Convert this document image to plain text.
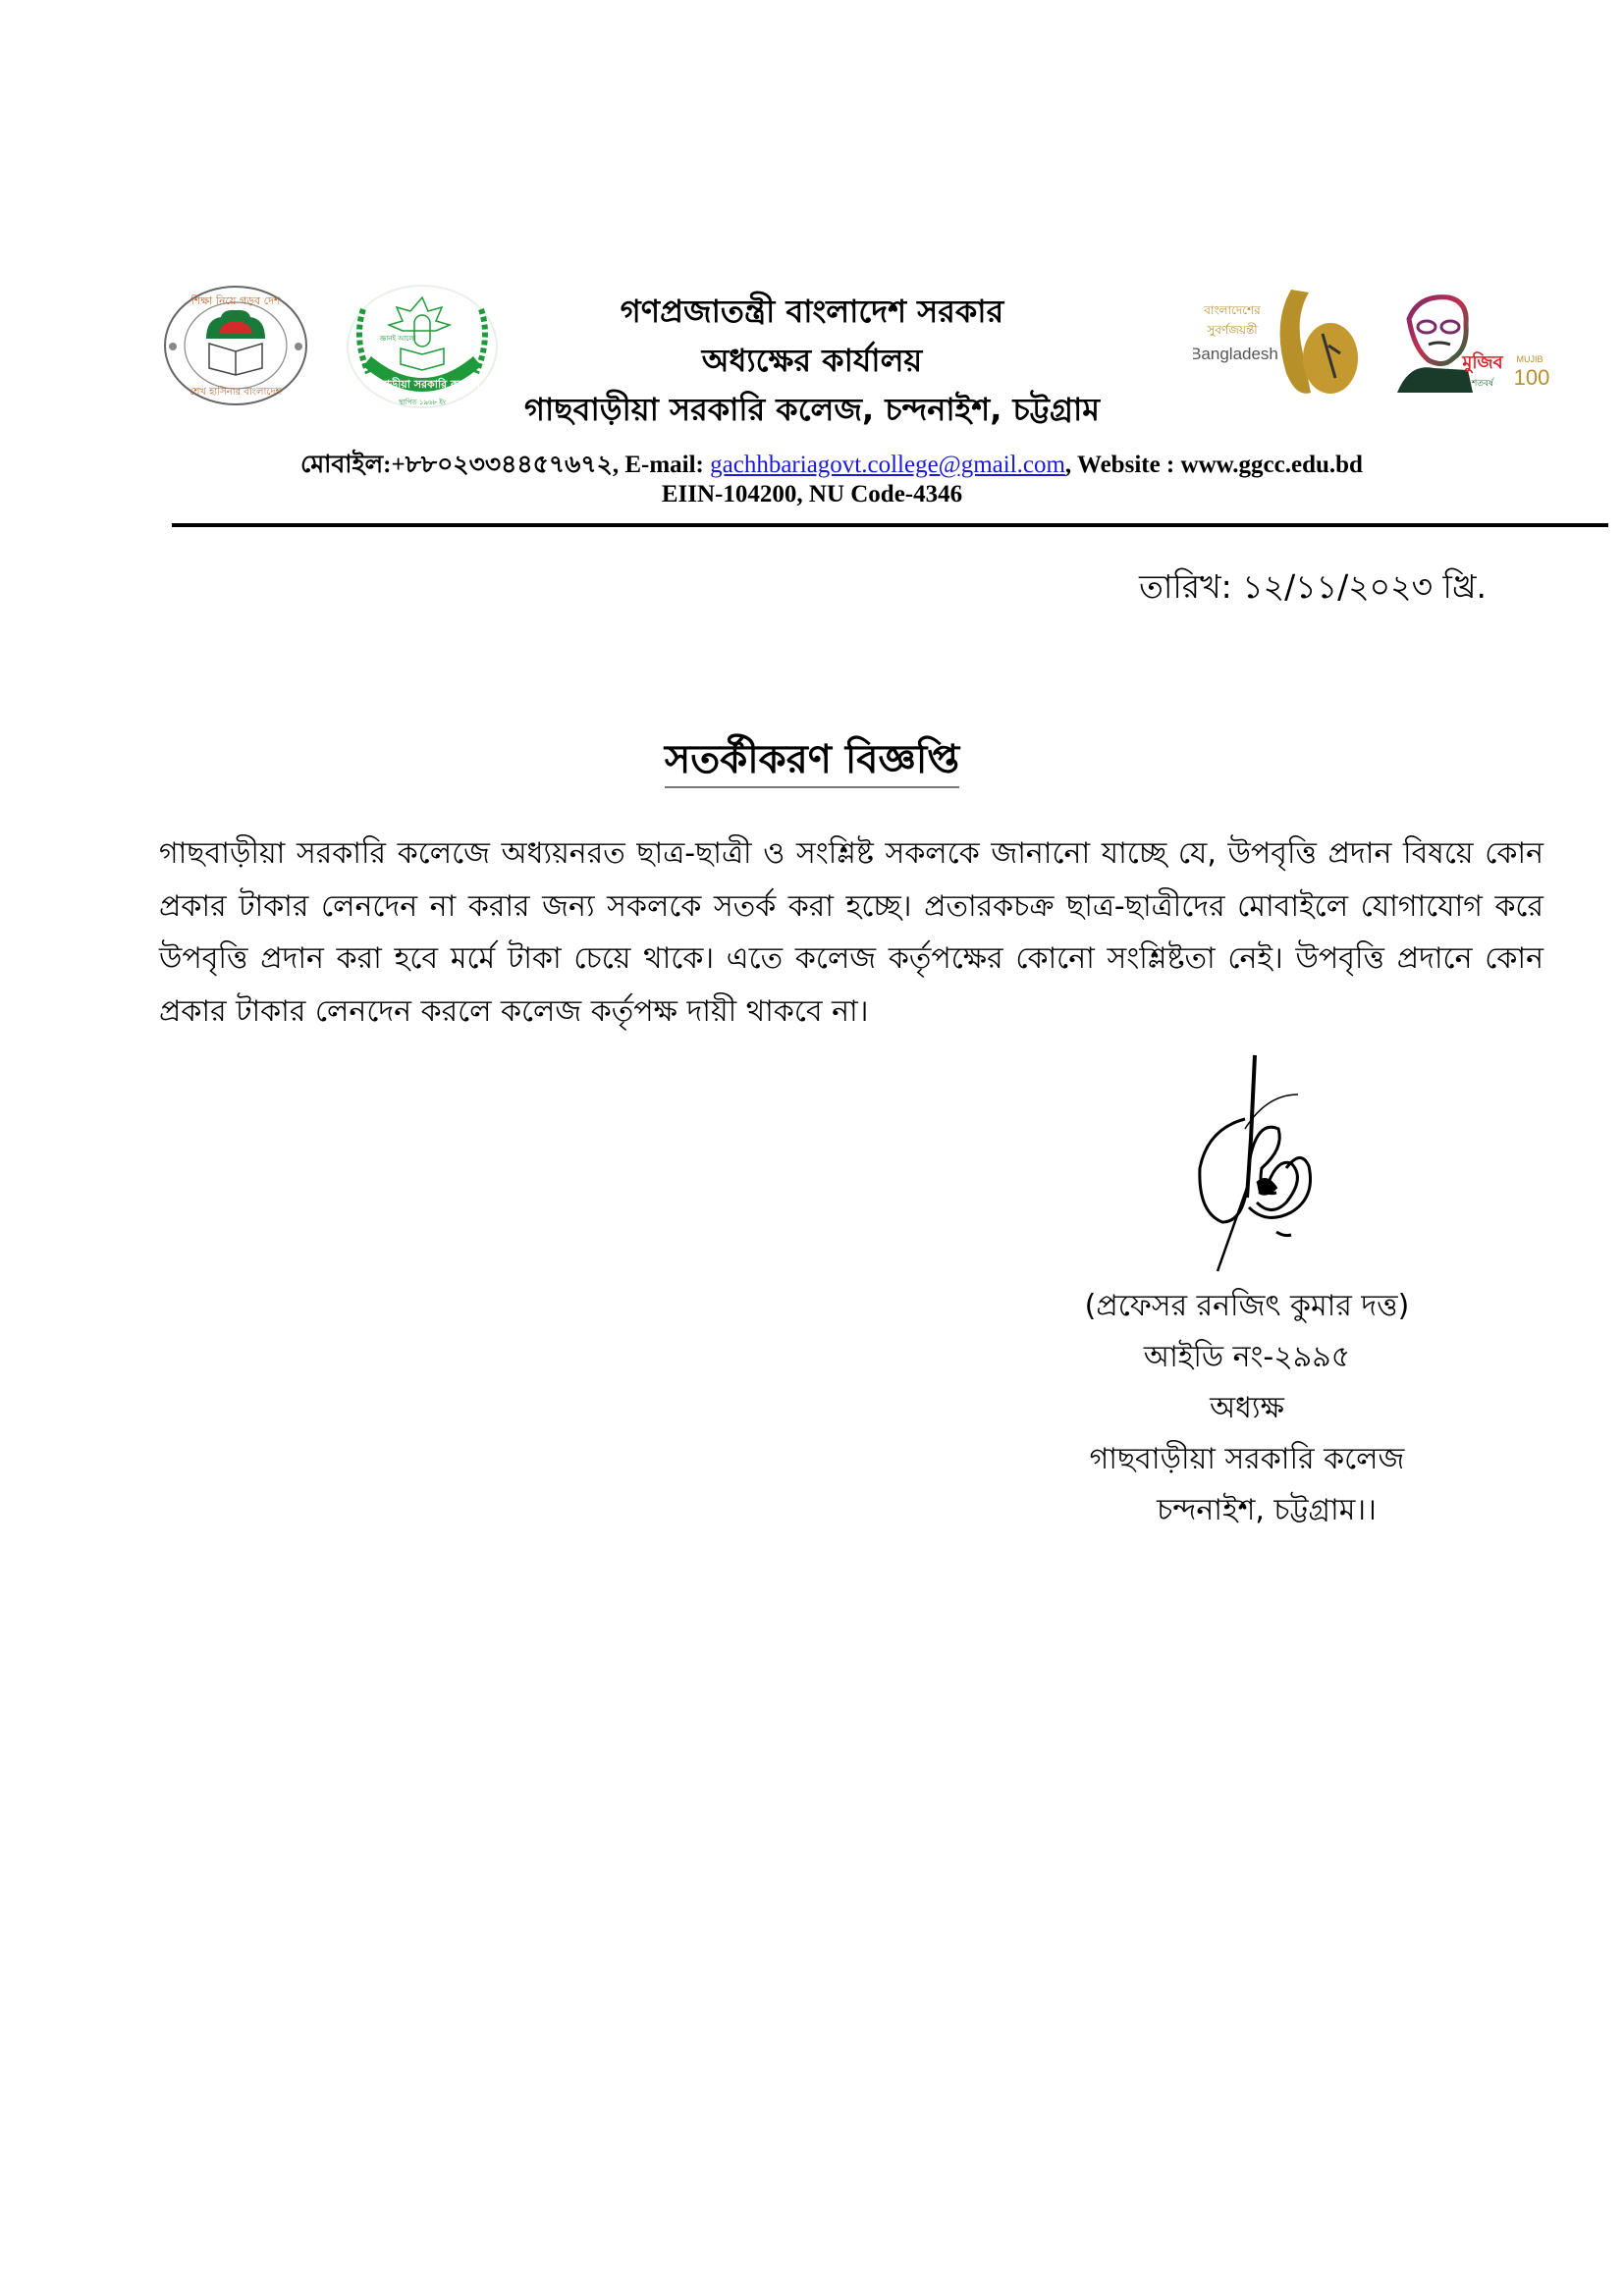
শিক্ষা নিয়ে গড়ব দেশ
শেখ হাসিনার বাংলাদেশ
জ্ঞানই আলো
গাছবাড়ীয়া সরকারি কলেজ
স্থাপিত ১৯৬৮ ইং
গণপ্রজাতন্ত্রী বাংলাদেশ সরকার
অধ্যক্ষের কার্যালয়
গাছবাড়ীয়া সরকারি কলেজ, চন্দনাইশ, চট্টগ্রাম
বাংলাদেশের
সুবর্ণজয়ন্তী
Bangladesh	মুজিব
শতবর্ষ
MUJIB
100
মোবাইল:+৮৮০২৩৩৪৪৫৭৬৭২, E-mail: gachhbariagovt.college@gmail.com, Website : www.ggcc.edu.bd
EIIN-104200, NU Code-4346
তারিখ: ১২/১১/২০২৩ খ্রি.
সতর্কীকরণ বিজ্ঞপ্তি
গাছবাড়ীয়া সরকারি কলেজে অধ্যয়নরত ছাত্র-ছাত্রী ও সংশ্লিষ্ট সকলকে জানানো যাচ্ছে যে, উপবৃত্তি প্রদান বিষয়ে কোন প্রকার টাকার লেনদেন না করার জন্য সকলকে সতর্ক করা হচ্ছে। প্রতারকচক্র ছাত্র-ছাত্রীদের মোবাইলে যোগাযোগ করে উপবৃত্তি প্রদান করা হবে মর্মে টাকা চেয়ে থাকে। এতে কলেজ কর্তৃপক্ষের কোনো সংশ্লিষ্টতা নেই। উপবৃত্তি প্রদানে কোন প্রকার টাকার লেনদেন করলে কলেজ কর্তৃপক্ষ দায়ী থাকবে না।
(প্রফেসর রনজিৎ কুমার দত্ত)
আইডি নং-২৯৯৫
অধ্যক্ষ
গাছবাড়ীয়া সরকারি কলেজ
চন্দনাইশ, চট্টগ্রাম।।
